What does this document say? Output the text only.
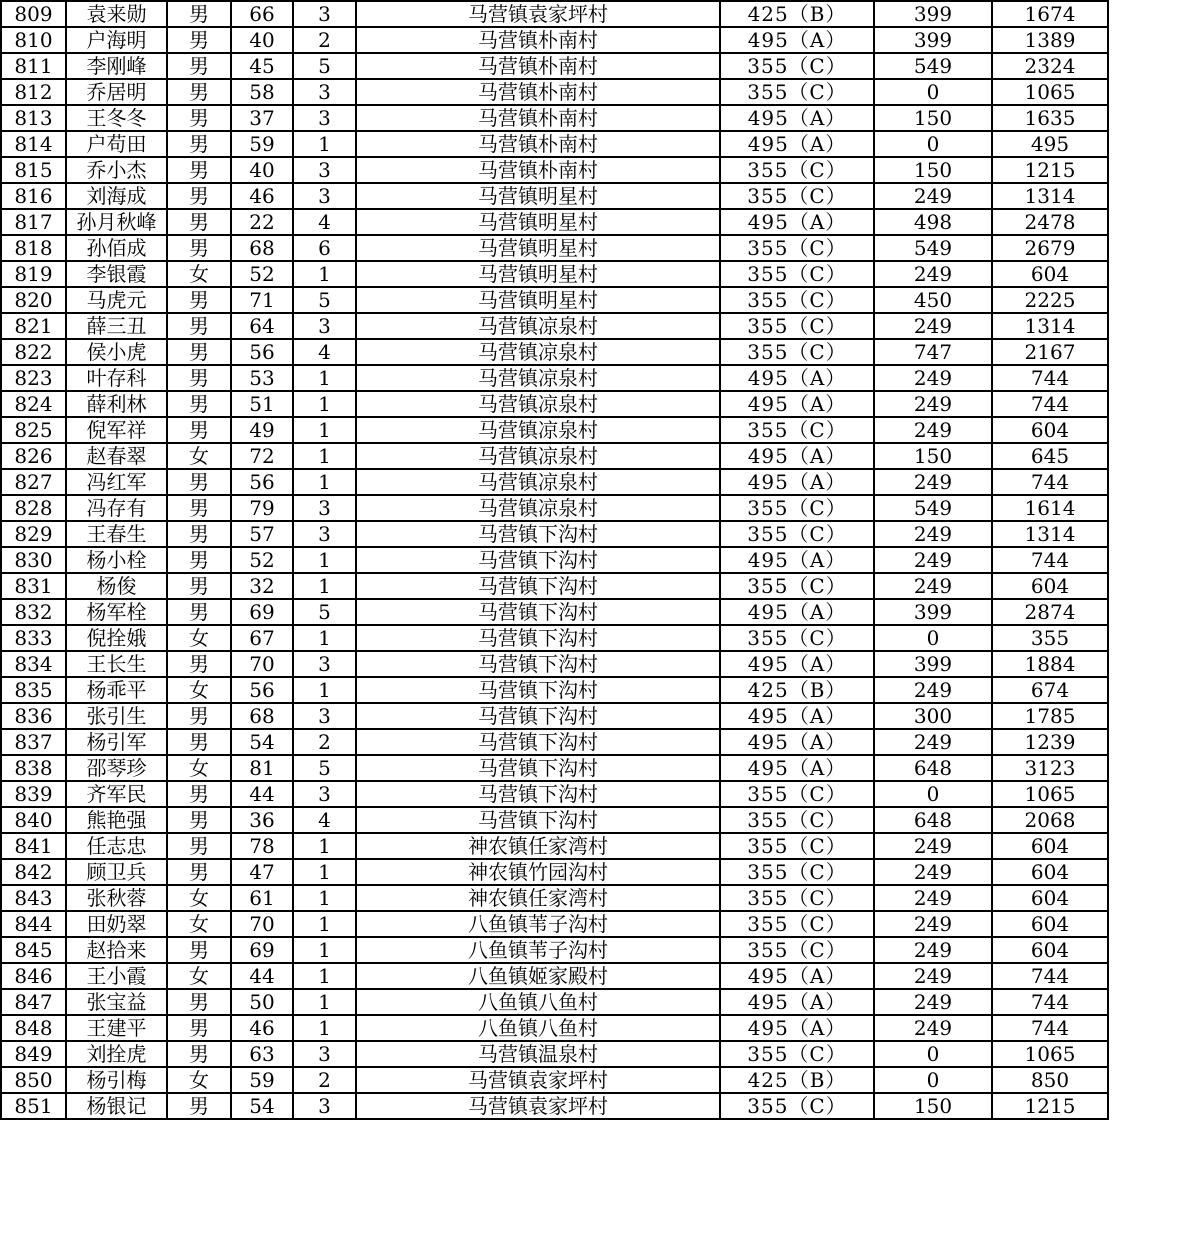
809	袁来勋	男	66	3	马营镇袁家坪村	425（B）	399	1674
810	户海明	男	40	2	马营镇朴南村	495（A）	399	1389
811	李刚峰	男	45	5	马营镇朴南村	355（C）	549	2324
812	乔居明	男	58	3	马营镇朴南村	355（C）	0	1065
813	王冬冬	男	37	3	马营镇朴南村	495（A）	150	1635
814	户苟田	男	59	1	马营镇朴南村	495（A）	0	495
815	乔小杰	男	40	3	马营镇朴南村	355（C）	150	1215
816	刘海成	男	46	3	马营镇明星村	355（C）	249	1314
817	孙月秋峰	男	22	4	马营镇明星村	495（A）	498	2478
818	孙佰成	男	68	6	马营镇明星村	355（C）	549	2679
819	李银霞	女	52	1	马营镇明星村	355（C）	249	604
820	马虎元	男	71	5	马营镇明星村	355（C）	450	2225
821	薛三丑	男	64	3	马营镇凉泉村	355（C）	249	1314
822	侯小虎	男	56	4	马营镇凉泉村	355（C）	747	2167
823	叶存科	男	53	1	马营镇凉泉村	495（A）	249	744
824	薛利林	男	51	1	马营镇凉泉村	495（A）	249	744
825	倪军祥	男	49	1	马营镇凉泉村	355（C）	249	604
826	赵春翠	女	72	1	马营镇凉泉村	495（A）	150	645
827	冯红军	男	56	1	马营镇凉泉村	495（A）	249	744
828	冯存有	男	79	3	马营镇凉泉村	355（C）	549	1614
829	王春生	男	57	3	马营镇下沟村	355（C）	249	1314
830	杨小栓	男	52	1	马营镇下沟村	495（A）	249	744
831	杨俊	男	32	1	马营镇下沟村	355（C）	249	604
832	杨军栓	男	69	5	马营镇下沟村	495（A）	399	2874
833	倪拴娥	女	67	1	马营镇下沟村	355（C）	0	355
834	王长生	男	70	3	马营镇下沟村	495（A）	399	1884
835	杨乖平	女	56	1	马营镇下沟村	425（B）	249	674
836	张引生	男	68	3	马营镇下沟村	495（A）	300	1785
837	杨引军	男	54	2	马营镇下沟村	495（A）	249	1239
838	邵琴珍	女	81	5	马营镇下沟村	495（A）	648	3123
839	齐军民	男	44	3	马营镇下沟村	355（C）	0	1065
840	熊艳强	男	36	4	马营镇下沟村	355（C）	648	2068
841	任志忠	男	78	1	神农镇任家湾村	355（C）	249	604
842	顾卫兵	男	47	1	神农镇竹园沟村	355（C）	249	604
843	张秋蓉	女	61	1	神农镇任家湾村	355（C）	249	604
844	田奶翠	女	70	1	八鱼镇苇子沟村	355（C）	249	604
845	赵拾来	男	69	1	八鱼镇苇子沟村	355（C）	249	604
846	王小霞	女	44	1	八鱼镇姬家殿村	495（A）	249	744
847	张宝益	男	50	1	八鱼镇八鱼村	495（A）	249	744
848	王建平	男	46	1	八鱼镇八鱼村	495（A）	249	744
849	刘拴虎	男	63	3	马营镇温泉村	355（C）	0	1065
850	杨引梅	女	59	2	马营镇袁家坪村	425（B）	0	850
851	杨银记	男	54	3	马营镇袁家坪村	355（C）	150	1215
